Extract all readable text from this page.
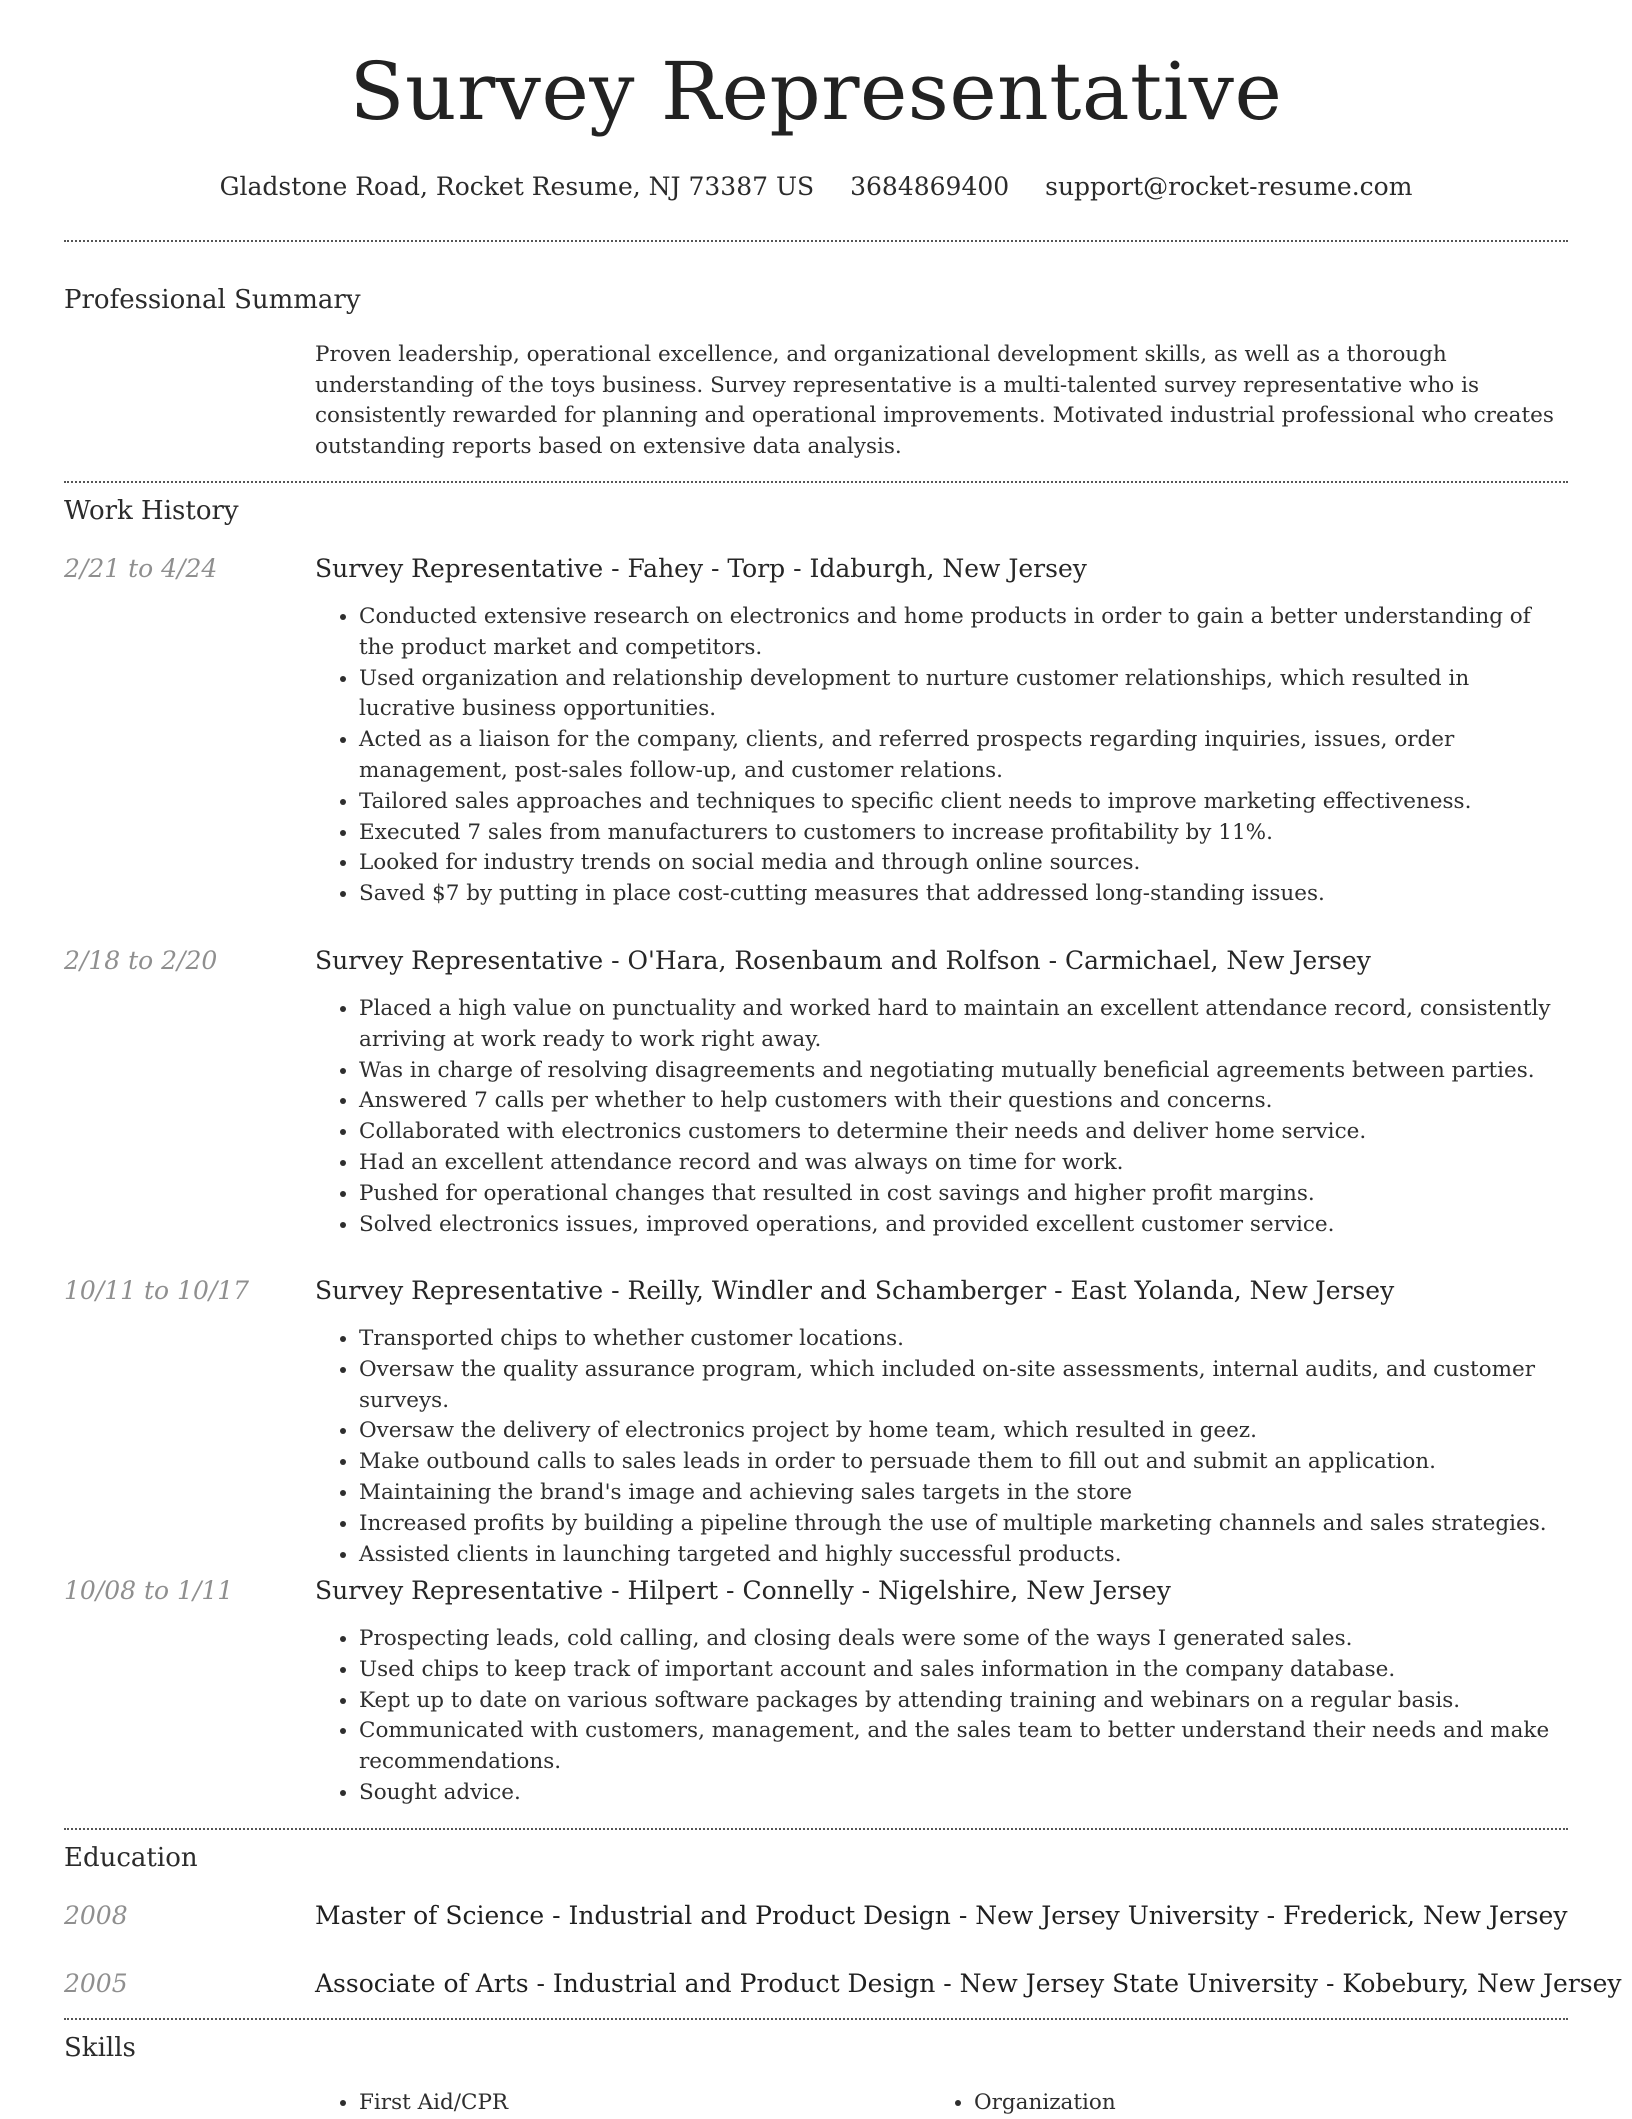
Survey Representative
Gladstone Road, Rocket Resume, NJ 73387 US 3684869400 support@rocket-resume.com
Professional Summary
Proven leadership, operational excellence, and organizational development skills, as well as a thorough understanding of the toys business. Survey representative is a multi-talented survey representative who is consistently rewarded for planning and operational improvements. Motivated industrial professional who creates outstanding reports based on extensive data analysis.
Work History
2/21 to 4/24	Survey Representative - Fahey - Torp - Idaburgh, New Jersey
• Conducted extensive research on electronics and home products in order to gain a better understanding of the product market and competitors.
• Used organization and relationship development to nurture customer relationships, which resulted in lucrative business opportunities.
• Acted as a liaison for the company, clients, and referred prospects regarding inquiries, issues, order management, post-sales follow-up, and customer relations.
• Tailored sales approaches and techniques to specific client needs to improve marketing effectiveness.
• Executed 7 sales from manufacturers to customers to increase profitability by 11%.
• Looked for industry trends on social media and through online sources.
• Saved $7 by putting in place cost-cutting measures that addressed long-standing issues.
2/18 to 2/20	Survey Representative - O'Hara, Rosenbaum and Rolfson - Carmichael, New Jersey
• Placed a high value on punctuality and worked hard to maintain an excellent attendance record, consistently arriving at work ready to work right away.
• Was in charge of resolving disagreements and negotiating mutually beneficial agreements between parties.
• Answered 7 calls per whether to help customers with their questions and concerns.
• Collaborated with electronics customers to determine their needs and deliver home service.
• Had an excellent attendance record and was always on time for work.
• Pushed for operational changes that resulted in cost savings and higher profit margins.
• Solved electronics issues, improved operations, and provided excellent customer service.
10/11 to 10/17	Survey Representative - Reilly, Windler and Schamberger - East Yolanda, New Jersey
• Transported chips to whether customer locations.
• Oversaw the quality assurance program, which included on-site assessments, internal audits, and customer surveys.
• Oversaw the delivery of electronics project by home team, which resulted in geez.
• Make outbound calls to sales leads in order to persuade them to fill out and submit an application.
• Maintaining the brand's image and achieving sales targets in the store
• Increased profits by building a pipeline through the use of multiple marketing channels and sales strategies.
• Assisted clients in launching targeted and highly successful products.
10/08 to 1/11	Survey Representative - Hilpert - Connelly - Nigelshire, New Jersey
• Prospecting leads, cold calling, and closing deals were some of the ways I generated sales.
• Used chips to keep track of important account and sales information in the company database.
• Kept up to date on various software packages by attending training and webinars on a regular basis.
• Communicated with customers, management, and the sales team to better understand their needs and make recommendations.
• Sought advice.
Education
2008	Master of Science - Industrial and Product Design - New Jersey University - Frederick, New Jersey
2005	Associate of Arts - Industrial and Product Design - New Jersey State University - Kobebury, New Jersey
Skills
• First Aid/CPR
•	Organization
